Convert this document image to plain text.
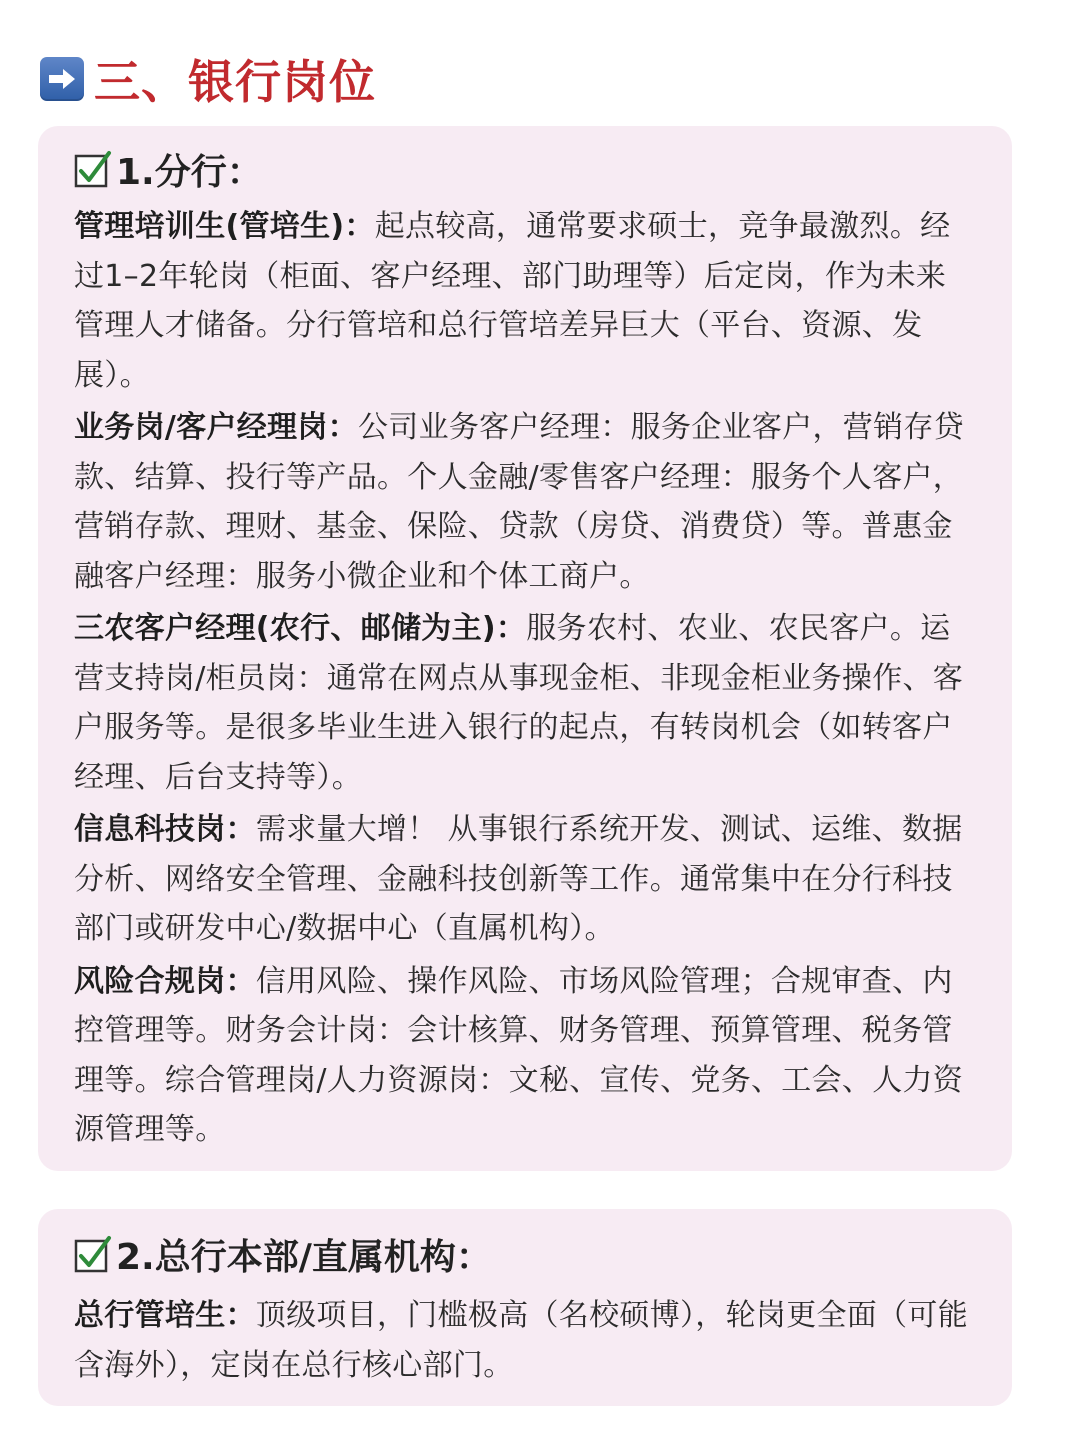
三、银行岗位
1.分行：

管理培训生(管培生)：起点较高，通常要求硕士，竞争最激烈。经过1–2年轮岗（柜面、客户经理、部门助理等）后定岗，作为未来管理人才储备。分行管培和总行管培差异巨大（平台、资源、发展）。

业务岗/客户经理岗：公司业务客户经理：服务企业客户，营销存贷款、结算、投行等产品。个人金融/零售客户经理：服务个人客户，营销存款、理财、基金、保险、贷款（房贷、消费贷）等。普惠金融客户经理：服务小微企业和个体工商户。

三农客户经理(农行、邮储为主)：服务农村、农业、农民客户。运营支持岗/柜员岗：通常在网点从事现金柜、非现金柜业务操作、客户服务等。是很多毕业生进入银行的起点，有转岗机会（如转客户经理、后台支持等）。

信息科技岗：需求量大增！ 从事银行系统开发、测试、运维、数据分析、网络安全管理、金融科技创新等工作。通常集中在分行科技部门或研发中心/数据中心（直属机构）。

风险合规岗：信用风险、操作风险、市场风险管理；合规审查、内控管理等。财务会计岗：会计核算、财务管理、预算管理、税务管理等。综合管理岗/人力资源岗：文秘、宣传、党务、工会、人力资源管理等。

2.总行本部/直属机构：

总行管培生：顶级项目，门槛极高（名校硕博），轮岗更全面（可能含海外），定岗在总行核心部门。
